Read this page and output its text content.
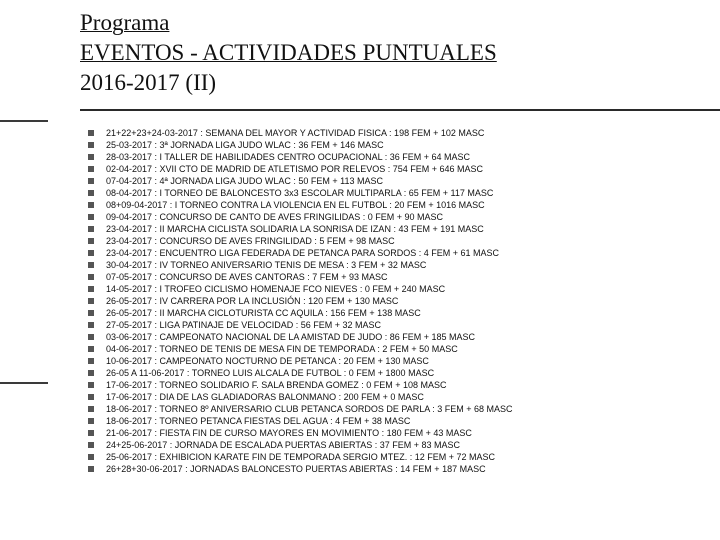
Programa
EVENTOS - ACTIVIDADES PUNTUALES
2016-2017 (II)
21+22+23+24-03-2017 : SEMANA DEL MAYOR Y ACTIVIDAD FISICA : 198 FEM + 102 MASC
25-03-2017 : 3ª JORNADA LIGA JUDO WLAC : 36 FEM + 146 MASC
28-03-2017 : I TALLER DE HABILIDADES CENTRO OCUPACIONAL : 36 FEM + 64 MASC
02-04-2017 : XVII CTO DE MADRID DE ATLETISMO POR RELEVOS : 754 FEM + 646 MASC
07-04-2017 : 4ª JORNADA LIGA JUDO WLAC : 50 FEM + 113 MASC
08-04-2017 : I TORNEO DE BALONCESTO 3x3 ESCOLAR MULTIPARLA : 65 FEM + 117 MASC
08+09-04-2017 : I TORNEO CONTRA LA VIOLENCIA EN EL FUTBOL : 20 FEM + 1016 MASC
09-04-2017 : CONCURSO DE CANTO DE AVES FRINGILIDAS : 0 FEM + 90 MASC
23-04-2017 : II MARCHA CICLISTA SOLIDARIA LA SONRISA DE IZAN : 43 FEM + 191 MASC
23-04-2017 : CONCURSO DE AVES FRINGILIDAD : 5 FEM + 98 MASC
23-04-2017 : ENCUENTRO LIGA FEDERADA DE PETANCA PARA SORDOS : 4 FEM + 61 MASC
30-04-2017 : IV TORNEO ANIVERSARIO TENIS DE MESA : 3 FEM + 32 MASC
07-05-2017 : CONCURSO DE AVES CANTORAS : 7 FEM + 93 MASC
14-05-2017 : I TROFEO CICLISMO HOMENAJE FCO NIEVES : 0 FEM + 240 MASC
26-05-2017 : IV CARRERA POR LA INCLUSIÓN : 120 FEM + 130 MASC
26-05-2017 : II MARCHA CICLOTURISTA CC AQUILA : 156 FEM + 138 MASC
27-05-2017 : LIGA PATINAJE DE VELOCIDAD : 56 FEM + 32 MASC
03-06-2017 : CAMPEONATO NACIONAL DE LA AMISTAD DE JUDO : 86 FEM + 185 MASC
04-06-2017 : TORNEO DE TENIS DE MESA FIN DE TEMPORADA : 2 FEM + 50 MASC
10-06-2017 : CAMPEONATO NOCTURNO DE PETANCA : 20 FEM + 130 MASC
26-05 A 11-06-2017 : TORNEO LUIS ALCALA DE FUTBOL : 0 FEM + 1800 MASC
17-06-2017 : TORNEO SOLIDARIO F. SALA BRENDA GOMEZ : 0 FEM + 108 MASC
17-06-2017 : DIA DE LAS GLADIADORAS BALONMANO : 200 FEM + 0 MASC
18-06-2017 : TORNEO 8º ANIVERSARIO CLUB PETANCA SORDOS DE PARLA : 3 FEM + 68 MASC
18-06-2017 : TORNEO PETANCA FIESTAS DEL AGUA : 4 FEM + 38 MASC
21-06-2017 : FIESTA FIN DE CURSO MAYORES EN MOVIMIENTO : 180 FEM + 43 MASC
24+25-06-2017 : JORNADA DE ESCALADA PUERTAS ABIERTAS : 37 FEM + 83 MASC
25-06-2017 : EXHIBICION KARATE FIN DE TEMPORADA SERGIO MTEZ. : 12 FEM + 72 MASC
26+28+30-06-2017 : JORNADAS BALONCESTO PUERTAS ABIERTAS : 14 FEM + 187 MASC
